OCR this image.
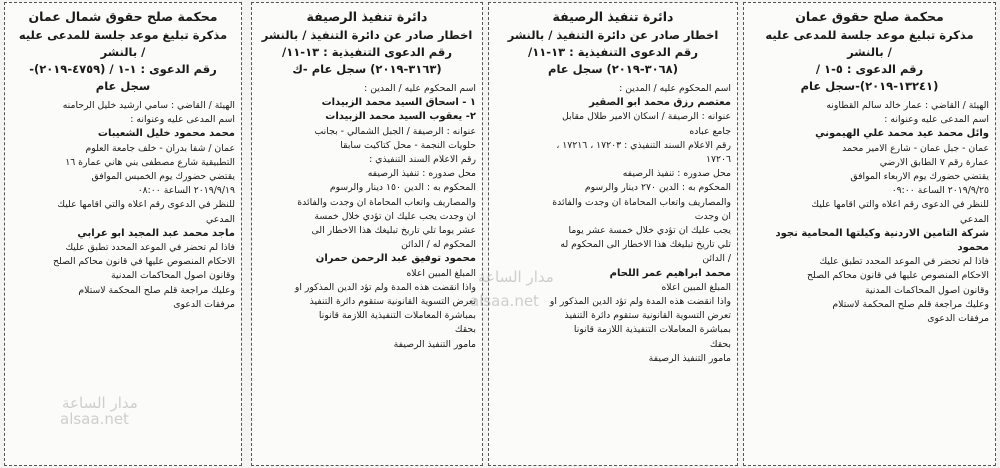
محكمة صلح حقوق شمال عمان
مذكرة تبليغ موعد جلسة للمدعى عليه
/ بالنشر
رقم الدعوى : ١-١ / (٤٧٥٩-٢٠١٩)-
سجل عام
الهيئة / القاضي : سامي ارشيد خليل الرحامنه
اسم المدعى عليه وعنوانه :
محمد محمود خليل الشعيبات
عمان / شفا بدران - خلف جامعة العلوم
التطبيقية شارع مصطفى بني هاني عمارة ١٦
يقتضي حضورك يوم الخميس الموافق
٢٠١٩/٩/١٩ الساعة ٠٨:٠٠
للنظر في الدعوى رقم اعلاه والتي اقامها عليك
المدعي
ماجد محمد عبد المجيد ابو عرابي
فاذا لم تحضر في الموعد المحدد تطبق عليك
الاحكام المنصوص عليها في قانون محاكم الصلح
وقانون اصول المحاكمات المدنية
وعليك مراجعة قلم صلح المحكمة لاستلام
مرفقات الدعوى
دائرة تنفيذ الرصيفة
اخطار صادر عن دائرة التنفيذ / بالنشر
رقم الدعوى التنفيذية : ١٣-١١/
(٣١٦٣-٢٠١٩) سجل عام -ك
اسم المحكوم عليه / المدين :
١ - اسحاق السيد محمد الزبيدات
٢- يعقوب السيد محمد الزبيدات
عنوانه : الرصيفة / الجبل الشمالي - بجانب
حلويات النجمة - محل كتاكيت سابقا
رقم الاعلام السند التنفيذي :
محل صدوره : تنفيذ الرصيفه
المحكوم به : الدين ١٥٠ دينار والرسوم
والمصاريف واتعاب المحاماة ان وجدت والفائدة
ان وجدت يجب عليك ان تؤدي خلال خمسة
عشر يوما تلي تاريخ تبليغك هذا الاخطار الى
المحكوم له / الدائن
محمود توفيق عبد الرحمن حمران
المبلغ المبين اعلاه
واذا انقضت هذه المدة ولم تؤد الدين المذكور او
تعرض التسوية القانونية ستقوم دائرة التنفيذ
بمباشرة المعاملات التنفيذية اللازمة قانونا
بحقك
مامور التنفيذ الرصيفة
دائرة تنفيذ الرصيفة
اخطار صادر عن دائرة التنفيذ / بالنشر
رقم الدعوى التنفيذية : ١٣-١١/
(٣٠٦٨-٢٠١٩) سجل عام
اسم المحكوم عليه / المدين :
معتصم رزق محمد ابو الصقير
عنوانه : الرصيفة / اسكان الامير طلال مقابل
جامع عباده
رقم الاعلام السند التنفيذي : ١٧٢٠٣ ، ١٧٢١٦ ،
١٧٢٠٦
محل صدوره : تنفيذ الرصيفه
المحكوم به : الدين ٢٧٠ دينار والرسوم
والمصاريف واتعاب المحاماة ان وجدت والفائدة
ان وجدت
يجب عليك ان تؤدي خلال خمسة عشر يوما
تلي تاريخ تبليغك هذا الاخطار الى المحكوم له
/ الدائن
محمد ابراهيم عمر اللحام
المبلغ المبين اعلاه
واذا انقضت هذه المدة ولم تؤد الدين المذكور او
تعرض التسوية القانونية ستقوم دائرة التنفيذ
بمباشرة المعاملات التنفيذية اللازمة قانونا
بحقك
مامور التنفيذ الرصيفة
محكمة صلح حقوق عمان
مذكرة تبليغ موعد جلسة للمدعى عليه
/ بالنشر
رقم الدعوى : ٥-١ /
(١٣٢٤١-٢٠١٩)-سجل عام
الهيئة / القاضي : عمار خالد سالم القطاونه
اسم المدعى عليه وعنوانه :
وائل محمد عيد محمد علي الهيموني
عمان - جبل عمان - شارع الامير محمد
عمارة رقم ٧ الطابق الارضي
يقتضي حضورك يوم الاربعاء الموافق
٢٠١٩/٩/٢٥ الساعة ٠٩:٠٠
للنظر في الدعوى رقم اعلاه والتي اقامها عليك
المدعي
شركة التامين الاردنية وكيلتها المحامية نجود
محمود
فاذا لم تحضر في الموعد المحدد تطبق عليك
الاحكام المنصوص عليها في قانون محاكم الصلح
وقانون اصول المحاكمات المدنية
وعليك مراجعة قلم صلح المحكمة لاستلام
مرفقات الدعوى
مدار الساعة
alsaa.net
مدار الساعة
alsaa.net
